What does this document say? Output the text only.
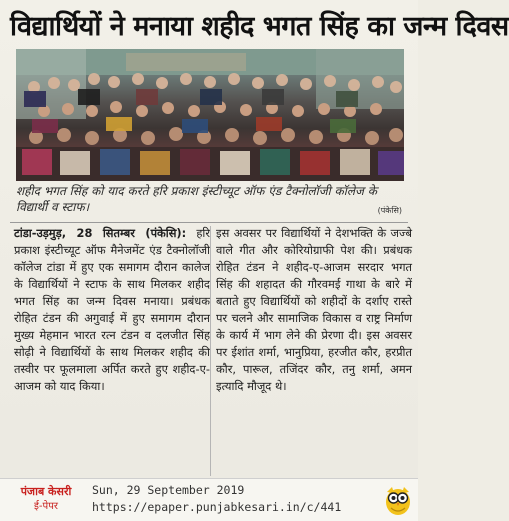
विद्यार्थियों ने मनाया शहीद भगत सिंह का जन्म दिवस
शहीद भगत सिंह को याद करते हरि प्रकाश इंस्टीच्यूट ऑफ एंड टैक्नोलॉजी कॉलेज के विद्यार्थी व स्टाफ।	(पंकेसि)

टांडा-उड़मुड़, 28 सितम्बर (पंकेसि): हरि प्रकाश इंस्टीच्यूट ऑफ मैनेजमेंट एंड टैक्नोलॉजी कॉलेज टांडा में हुए एक समागम दौरान कालेज के विद्यार्थियों ने स्टाफ के साथ मिलकर शहीद भगत सिंह का जन्म दिवस मनाया। प्रबंधक रोहित टंडन की अगुवाई में हुए समागम दौरान मुख्य मेहमान भारत रत्न टंडन व दलजीत सिंह सोढ़ी ने विद्यार्थियों के साथ मिलकर शहीद की तस्वीर पर फूलमाला अर्पित करते हुए शहीद-ए-आजम को याद किया।

इस अवसर पर विद्यार्थियों ने देशभक्ति के जज्बे वाले गीत और कोरियोग्राफी पेश की। प्रबंधक रोहित टंडन ने शहीद-ए-आजम सरदार भगत सिंह की शहादत की गौरवमई गाथा के बारे में बताते हुए विद्यार्थियों को शहीदों के दर्शाए रास्ते पर चलने और सामाजिक विकास व राष्ट्र निर्माण के कार्य में भाग लेने की प्रेरणा दी। इस अवसर पर ईशांत शर्मा, भानुप्रिया, हरजीत कौर, हरप्रीत कौर, पारूल, तजिंदर कौर, तनु शर्मा, अमन इत्यादि मौजूद थे।

पंजाब केसरी
ई-पेपर
Sun, 29 September 2019
https://epaper.punjabkesari.in/c/441
